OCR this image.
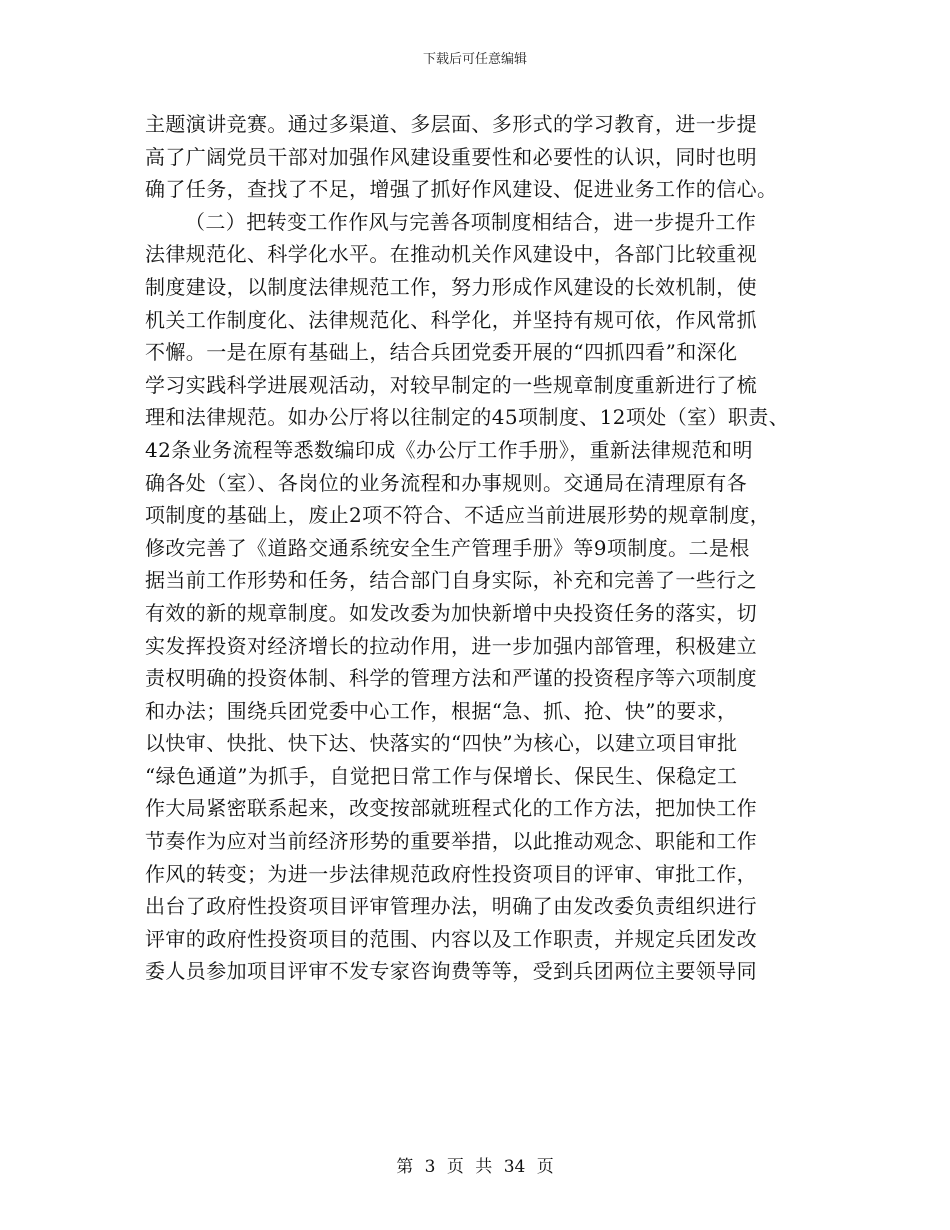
下载后可任意编辑
主题演讲竞赛。通过多渠道、多层面、多形式的学习教育，进一步提
高了广阔党员干部对加强作风建设重要性和必要性的认识，同时也明
确了任务，查找了不足，增强了抓好作风建设、促进业务工作的信心。
（二）把转变工作作风与完善各项制度相结合，进一步提升工作
法律规范化、科学化水平。在推动机关作风建设中，各部门比较重视
制度建设，以制度法律规范工作，努力形成作风建设的长效机制，使
机关工作制度化、法律规范化、科学化，并坚持有规可依，作风常抓
不懈。一是在原有基础上，结合兵团党委开展的“四抓四看”和深化
学习实践科学进展观活动，对较早制定的一些规章制度重新进行了梳
理和法律规范。如办公厅将以往制定的45项制度、12项处（室）职责、
42条业务流程等悉数编印成《办公厅工作手册》，重新法律规范和明
确各处（室）、各岗位的业务流程和办事规则。交通局在清理原有各
项制度的基础上，废止2项不符合、不适应当前进展形势的规章制度，
修改完善了《道路交通系统安全生产管理手册》等9项制度。二是根
据当前工作形势和任务，结合部门自身实际，补充和完善了一些行之
有效的新的规章制度。如发改委为加快新增中央投资任务的落实，切
实发挥投资对经济增长的拉动作用，进一步加强内部管理，积极建立
责权明确的投资体制、科学的管理方法和严谨的投资程序等六项制度
和办法；围绕兵团党委中心工作，根据“急、抓、抢、快”的要求，
以快审、快批、快下达、快落实的“四快”为核心，以建立项目审批
“绿色通道”为抓手，自觉把日常工作与保增长、保民生、保稳定工
作大局紧密联系起来，改变按部就班程式化的工作方法，把加快工作
节奏作为应对当前经济形势的重要举措，以此推动观念、职能和工作
作风的转变；为进一步法律规范政府性投资项目的评审、审批工作，
出台了政府性投资项目评审管理办法，明确了由发改委负责组织进行
评审的政府性投资项目的范围、内容以及工作职责，并规定兵团发改
委人员参加项目评审不发专家咨询费等等，受到兵团两位主要领导同
第 3 页 共 34 页
